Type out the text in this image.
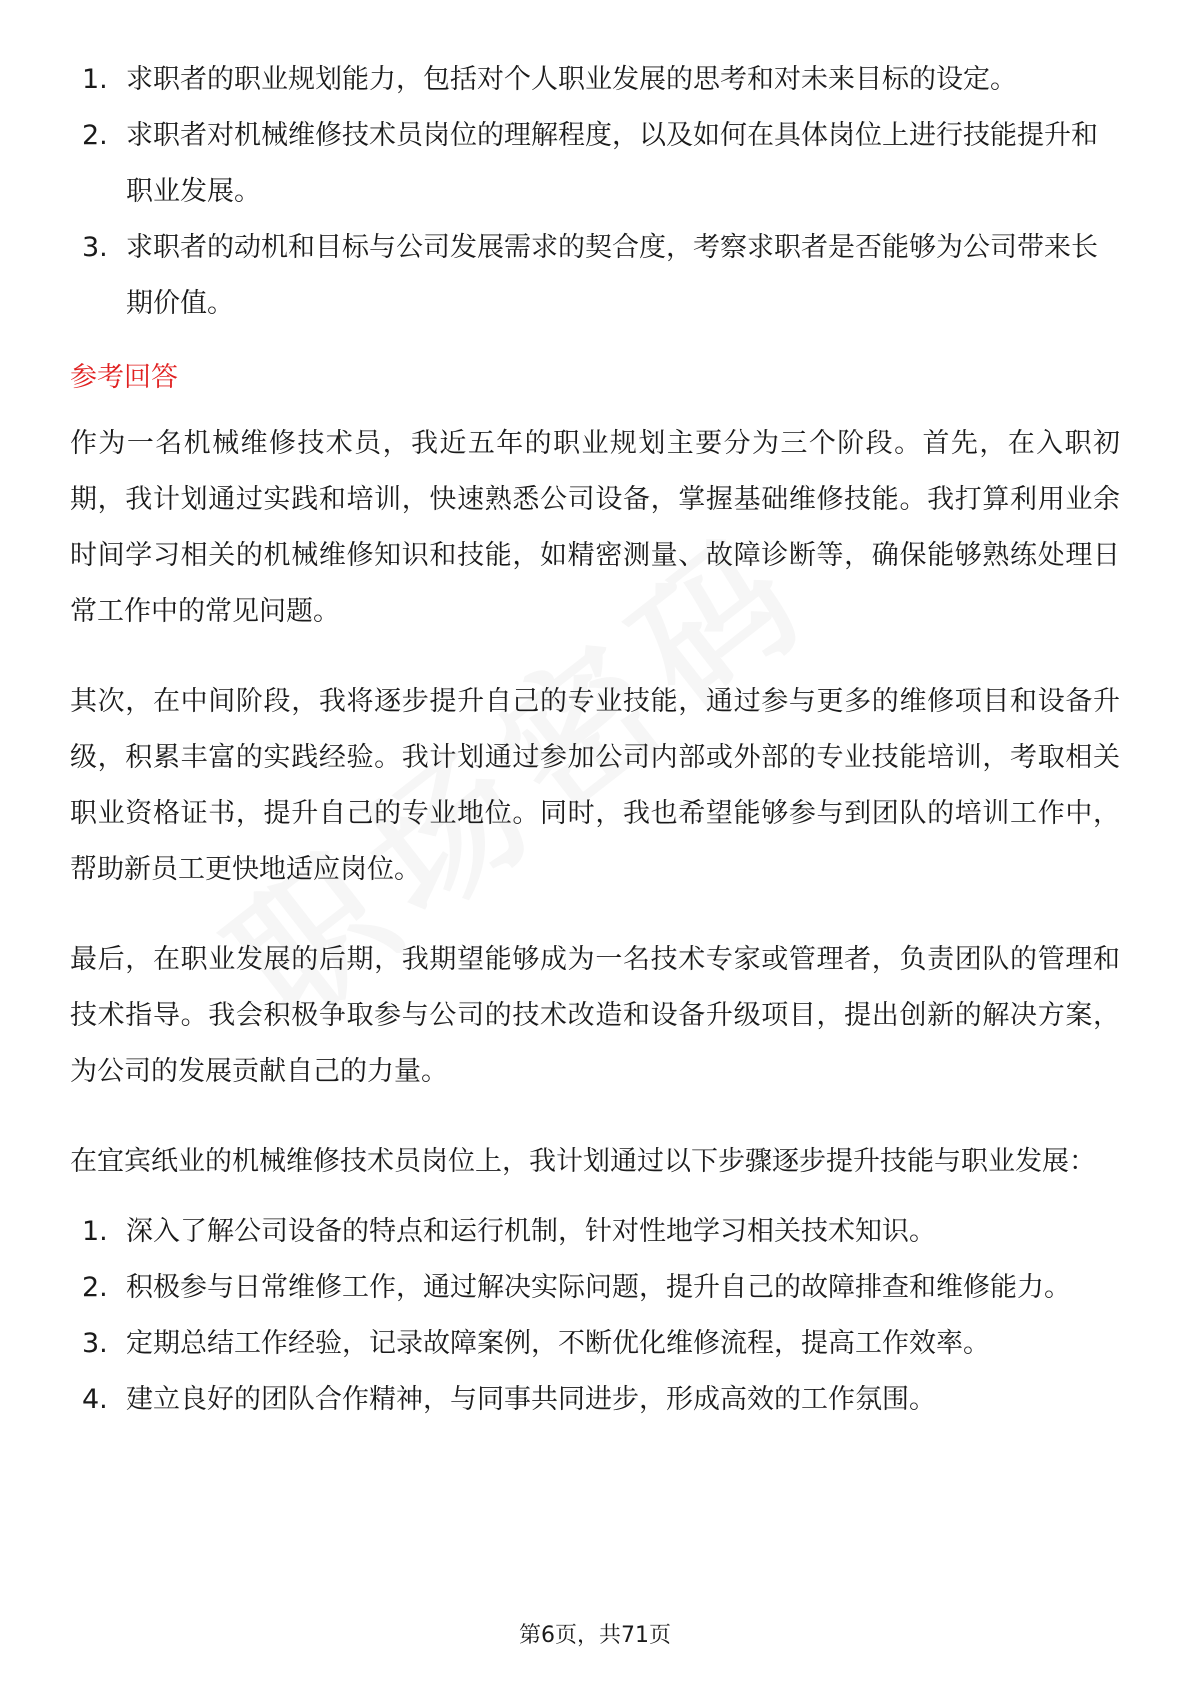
1. 求职者的职业规划能力，包括对个人职业发展的思考和对未来目标的设定。
2. 求职者对机械维修技术员岗位的理解程度，以及如何在具体岗位上进行技能提升和职业发展。
3. 求职者的动机和目标与公司发展需求的契合度，考察求职者是否能够为公司带来长期价值。
参考回答

作为一名机械维修技术员，我近五年的职业规划主要分为三个阶段。首先，在入职初期，我计划通过实践和培训，快速熟悉公司设备，掌握基础维修技能。我打算利用业余时间学习相关的机械维修知识和技能，如精密测量、故障诊断等，确保能够熟练处理日常工作中的常见问题。

其次，在中间阶段，我将逐步提升自己的专业技能，通过参与更多的维修项目和设备升级，积累丰富的实践经验。我计划通过参加公司内部或外部的专业技能培训，考取相关职业资格证书，提升自己的专业地位。同时，我也希望能够参与到团队的培训工作中，帮助新员工更快地适应岗位。

最后，在职业发展的后期，我期望能够成为一名技术专家或管理者，负责团队的管理和技术指导。我会积极争取参与公司的技术改造和设备升级项目，提出创新的解决方案，为公司的发展贡献自己的力量。

在宜宾纸业的机械维修技术员岗位上，我计划通过以下步骤逐步提升技能与职业发展：

1. 深入了解公司设备的特点和运行机制，针对性地学习相关技术知识。
2. 积极参与日常维修工作，通过解决实际问题，提升自己的故障排查和维修能力。
3. 定期总结工作经验，记录故障案例，不断优化维修流程，提高工作效率。
4. 建立良好的团队合作精神，与同事共同进步，形成高效的工作氛围。
第6页，共71页
